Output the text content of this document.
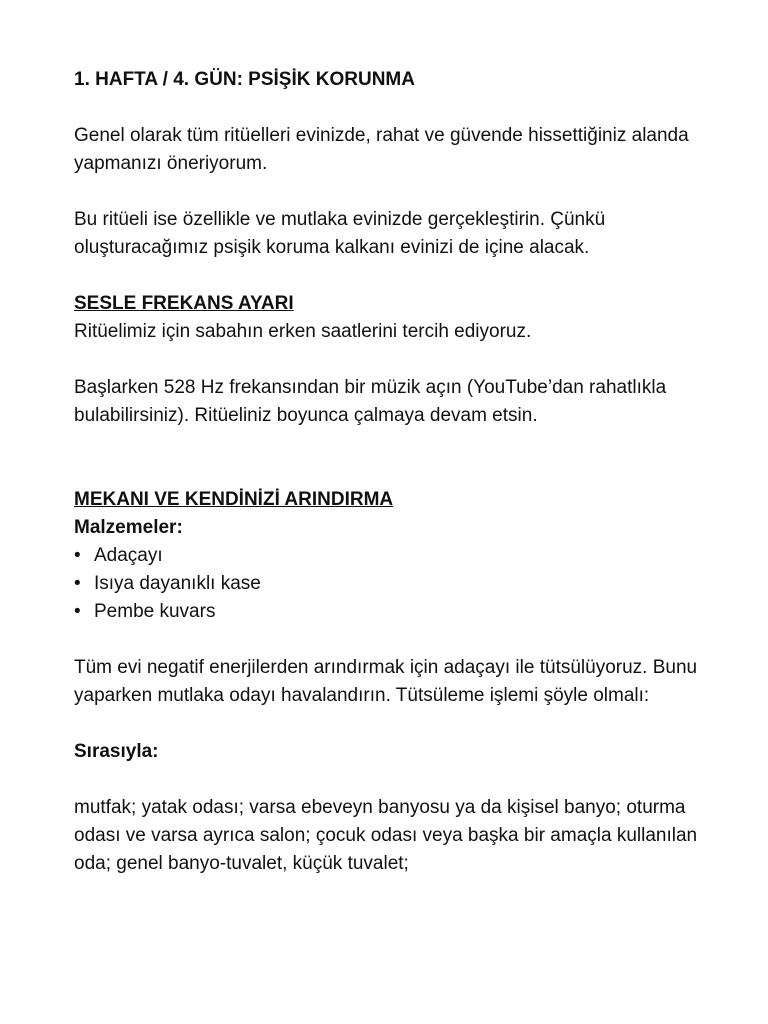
1. HAFTA / 4. GÜN: PSİŞİK KORUNMA

Genel olarak tüm ritüelleri evinizde, rahat ve güvende hissettiğiniz alanda yapmanızı öneriyorum.

Bu ritüeli ise özellikle ve mutlaka evinizde gerçekleştirin. Çünkü oluşturacağımız psişik koruma kalkanı evinizi de içine alacak.

SESLE FREKANS AYARI

Ritüelimiz için sabahın erken saatlerini tercih ediyoruz.

Başlarken 528 Hz frekansından bir müzik açın (YouTube’dan rahatlıkla bulabilirsiniz). Ritüeliniz boyunca çalmaya devam etsin.

MEKANI VE KENDİNİZİ ARINDIRMA

Malzemeler:

• Adaçayı
• Isıya dayanıklı kase
• Pembe kuvars

Tüm evi negatif enerjilerden arındırmak için adaçayı ile tütsülüyoruz. Bunu yaparken mutlaka odayı havalandırın. Tütsüleme işlemi şöyle olmalı:

Sırasıyla:

mutfak; yatak odası; varsa ebeveyn banyosu ya da kişisel banyo; oturma odası ve varsa ayrıca salon; çocuk odası veya başka bir amaçla kullanılan oda; genel banyo-tuvalet, küçük tuvalet;
